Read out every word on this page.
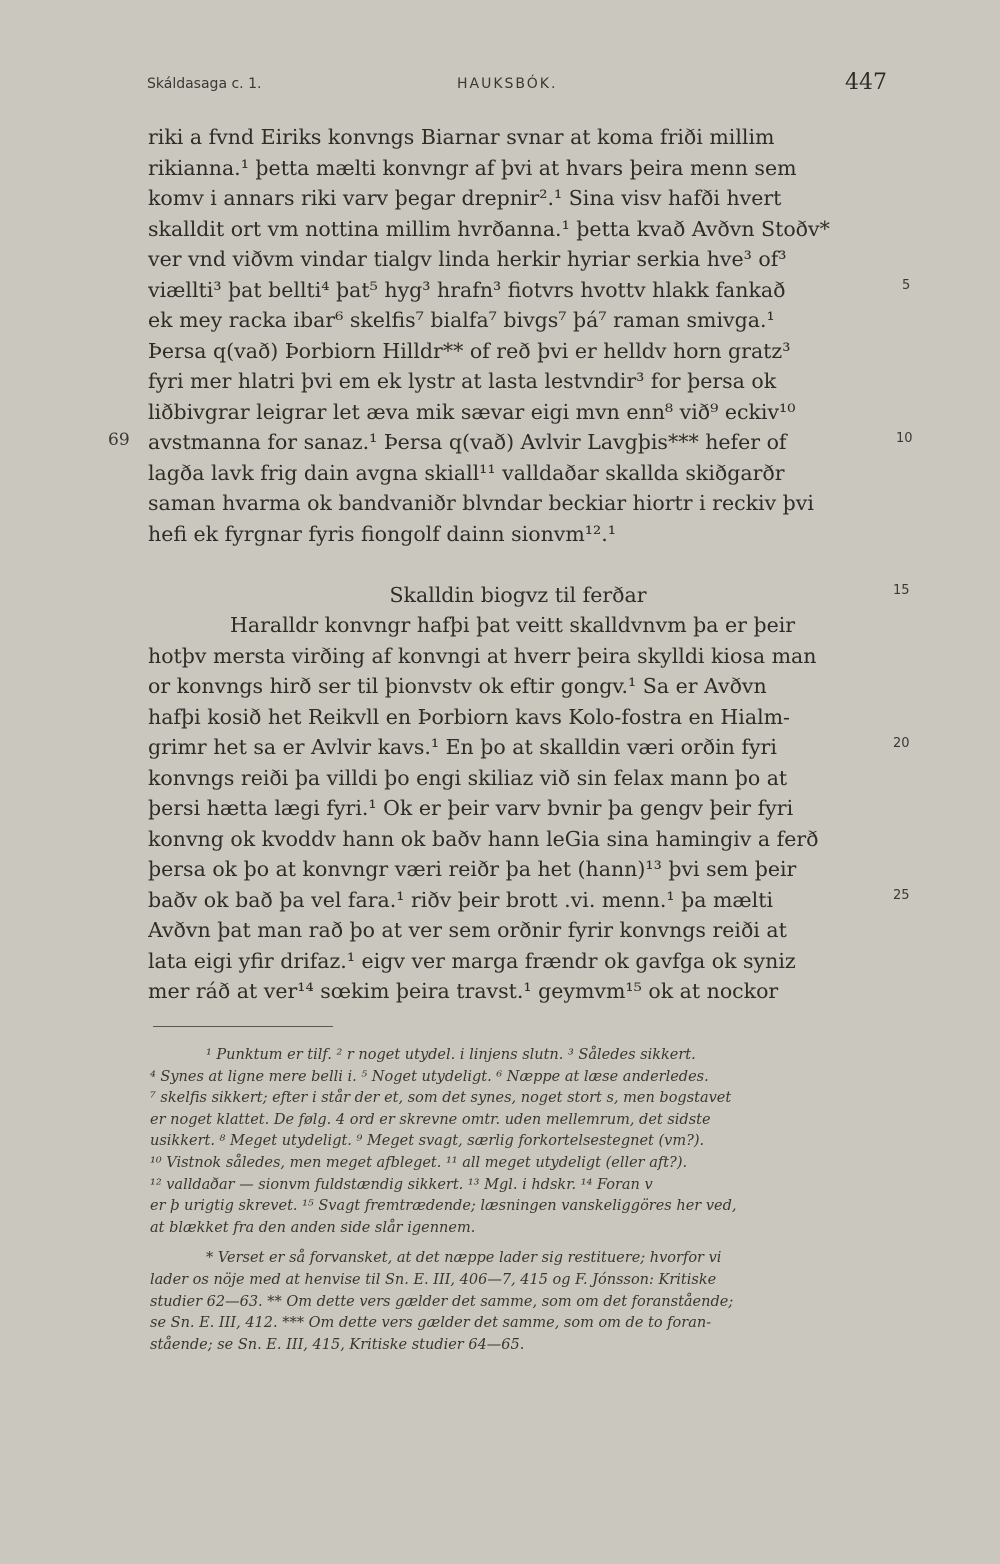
Skáldasaga c. 1.	HAUKSBÓK.	447
riki a fvnd Eiriks konvngs Biarnar svnar at koma friði millim
rikianna.¹ þetta mælti konvngr af þvi at hvars þeira menn sem
komv i annars riki varv þegar drepnir².¹ Sina visv hafði hvert
skalldit ort vm nottina millim hvrðanna.¹ þetta kvað Avðvn Stoðv*
ver vnd viðvm vindar tialgv linda herkir hyriar serkia hve³ of³
viællti³ þat bellti⁴ þat⁵ hyg³ hrafn³ fiotvrs hvottv hlakk fankað
ek mey racka ibar⁶ skelfis⁷ bialfa⁷ bivgs⁷ þá⁷ raman smivga.¹
Þersa q(vað) Þorbiorn Hilldr** of reð þvi er helldv horn gratz³
fyri mer hlatri þvi em ek lystr at lasta lestvndir³ for þersa ok
liðbivgrar leigrar let æva mik sævar eigi mvn enn⁸ við⁹ eckiv¹⁰
avstmanna for sanaz.¹ Þersa q(vað) Avlvir Lavgþis*** hefer of
lagða lavk frig dain avgna skiall¹¹ valldaðar skallda skiðgarðr
saman hvarma ok bandvaniðr blvndar beckiar hiortr i reckiv þvi
hefi ek fyrgnar fyris fiongolf dainn sionvm¹².¹
Skalldin biogvz til ferðar
Haralldr konvngr hafþi þat veitt skalldvnvm þa er þeir
hotþv mersta virðing af konvngi at hverr þeira skylldi kiosa man
or konvngs hirð ser til þionvstv ok eftir gongv.¹ Sa er Avðvn
hafþi kosið het Reikvll en Þorbiorn kavs Kolo-fostra en Hialm-
grimr het sa er Avlvir kavs.¹ En þo at skalldin væri orðin fyri
konvngs reiði þa villdi þo engi skiliaz við sin felax mann þo at
þersi hætta lægi fyri.¹ Ok er þeir varv bvnir þa gengv þeir fyri
konvng ok kvoddv hann ok baðv hann leGia sina hamingiv a ferð
þersa ok þo at konvngr væri reiðr þa het (hann)¹³ þvi sem þeir
baðv ok bað þa vel fara.¹ riðv þeir brott .vi. menn.¹ þa mælti
Avðvn þat man rað þo at ver sem orðnir fyrir konvngs reiði at
lata eigi yfir drifaz.¹ eigv ver marga frændr ok gavfga ok syniz
mer ráð at ver¹⁴ sœkim þeira travst.¹ geymvm¹⁵ ok at nockor
5
10
15
20
25
69
¹ Punktum er tilf. ² r noget utydel. i linjens slutn. ³ Således sikkert.
⁴ Synes at ligne mere belli i. ⁵ Noget utydeligt. ⁶ Næppe at læse anderledes.
⁷ skelfis sikkert; efter i står der et, som det synes, noget stort s, men bogstavet
er noget klattet. De følg. 4 ord er skrevne omtr. uden mellemrum, det sidste
usikkert. ⁸ Meget utydeligt. ⁹ Meget svagt, særlig forkortelsestegnet (vm?).
¹⁰ Vistnok således, men meget afbleget. ¹¹ all meget utydeligt (eller aft?).
¹² valldaðar — sionvm fuldstændig sikkert. ¹³ Mgl. i hdskr. ¹⁴ Foran v
er þ urigtig skrevet. ¹⁵ Svagt fremtrædende; læsningen vanskeliggöres her ved,
at blækket fra den anden side slår igennem.
* Verset er så forvansket, at det næppe lader sig restituere; hvorfor vi
lader os nöje med at henvise til Sn. E. III, 406—7, 415 og F. Jónsson: Kritiske
studier 62—63. ** Om dette vers gælder det samme, som om det foranstående;
se Sn. E. III, 412. *** Om dette vers gælder det samme, som om de to foran-
stående; se Sn. E. III, 415, Kritiske studier 64—65.
